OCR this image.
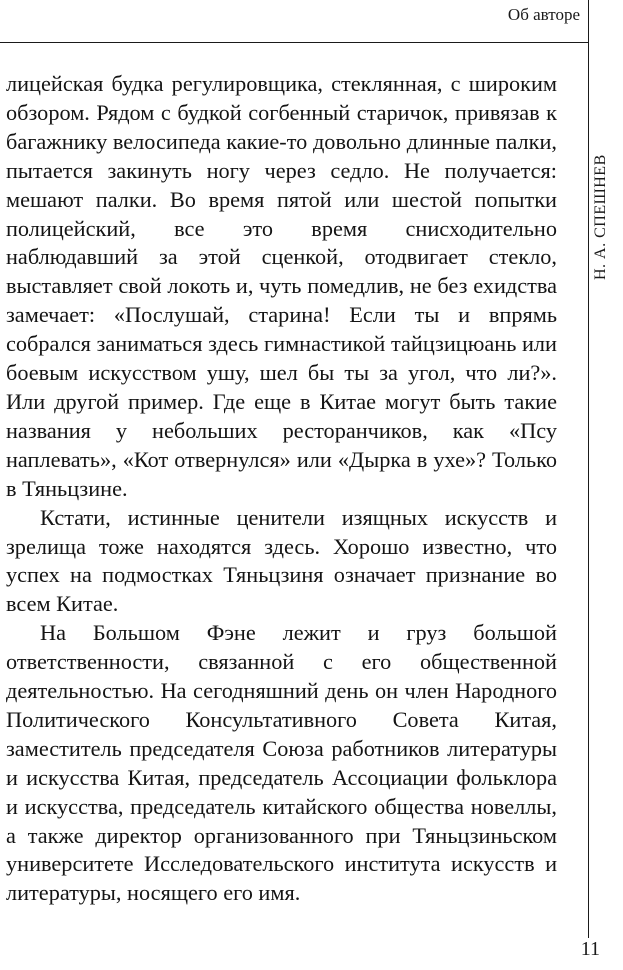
Об авторе
Н. А. СПЕШНЕВ

лицейская будка регулировщика, стеклянная, с широким обзором. Рядом с будкой согбенный старичок, привязав к багажнику велосипеда какие-то довольно длинные палки, пытается закинуть ногу через седло. Не получается: мешают палки. Во время пятой или шестой попытки полицейский, все это время снисходительно наблюдавший за этой сценкой, отодвигает стекло, выставляет свой локоть и, чуть помедлив, не без ехидства замечает: «Послушай, старина! Если ты и впрямь собрался заниматься здесь гимнастикой тайцзицюань или боевым искусством ушу, шел бы ты за угол, что ли?». Или другой пример. Где еще в Китае могут быть такие названия у небольших ресторанчиков, как «Псу наплевать», «Кот отвернулся» или «Дырка в ухе»? Только в Тяньцзине.

Кстати, истинные ценители изящных искусств и зрелища тоже находятся здесь. Хорошо известно, что успех на подмостках Тяньцзиня означает признание во всем Китае.

На Большом Фэне лежит и груз большой ответственности, связанной с его общественной деятельностью. На сегодняшний день он член Народного Политического Консультативного Совета Китая, заместитель председателя Союза работников литературы и искусства Китая, председатель Ассоциации фольклора и искусства, председатель китайского общества новеллы, а также директор организованного при Тяньцзиньском университете Исследовательского института искусств и литературы, носящего его имя.

11
